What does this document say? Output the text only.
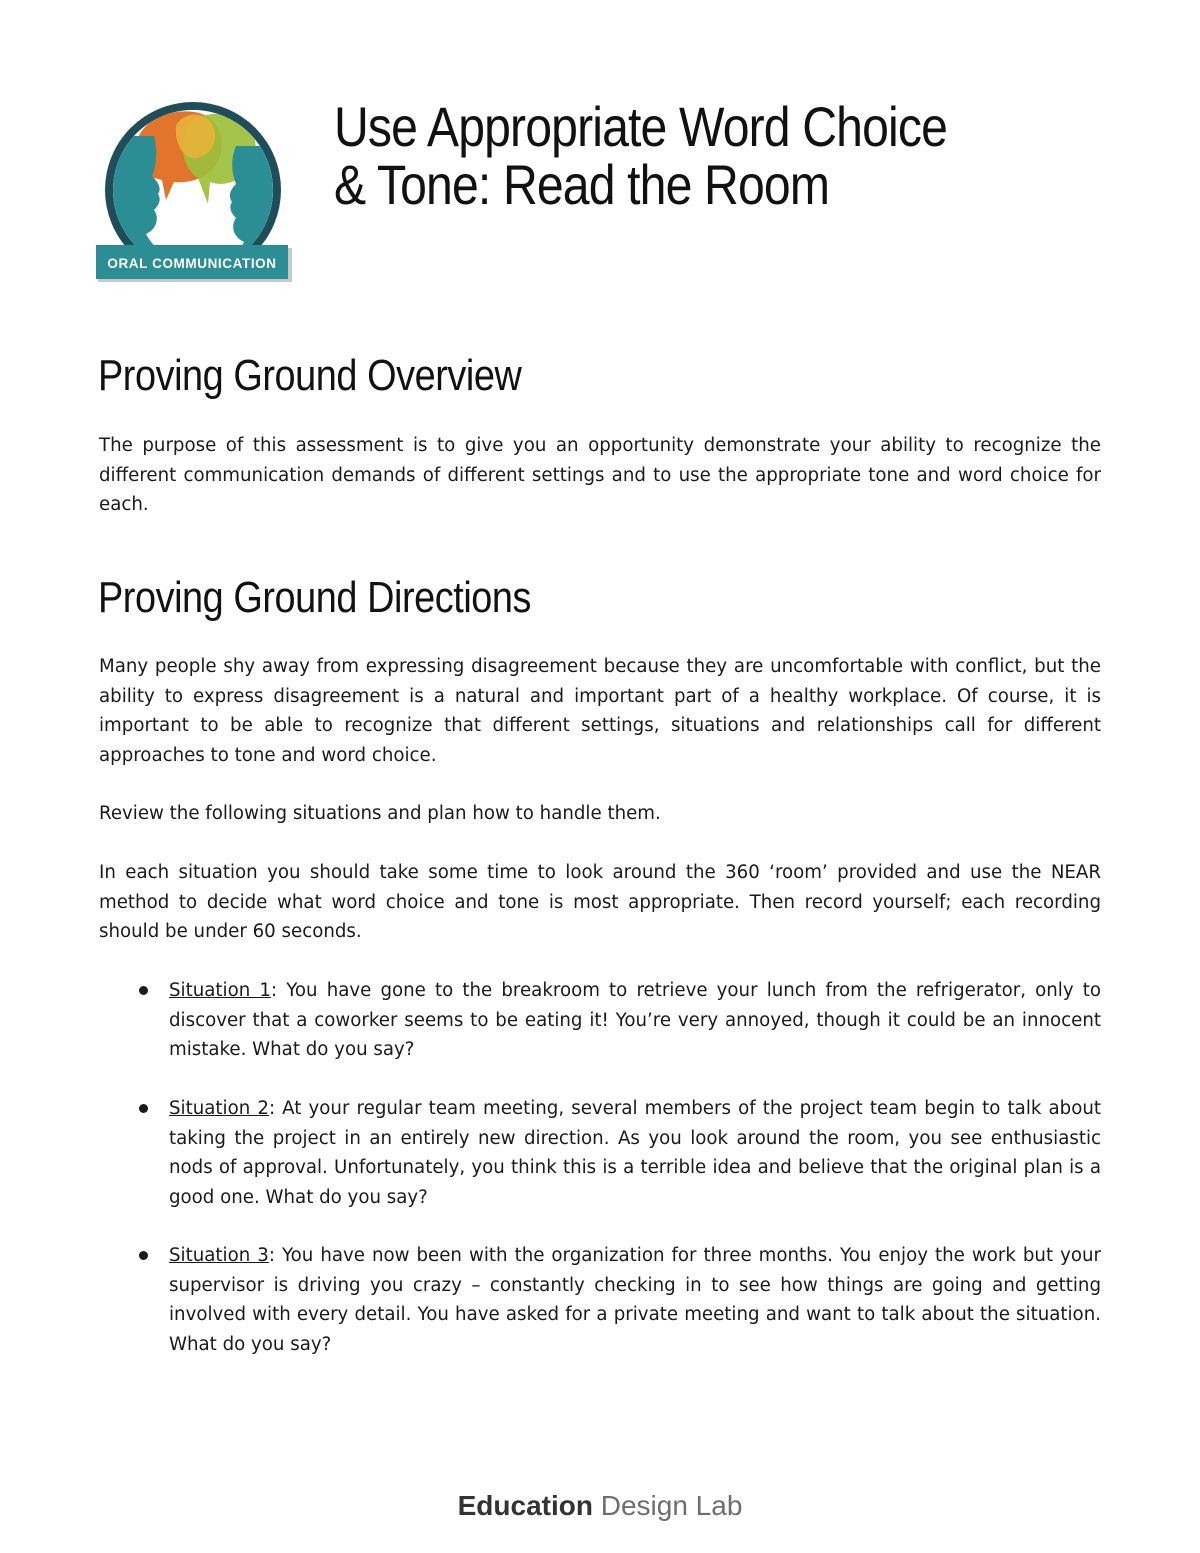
ORAL COMMUNICATION
Use Appropriate Word Choice
& Tone: Read the Room
Proving Ground Overview

The purpose of this assessment is to give you an opportunity demonstrate your ability to recognize the different communication demands of different settings and to use the appropriate tone and word choice for each.

Proving Ground Directions

Many people shy away from expressing disagreement because they are uncomfortable with conflict, but the ability to express disagreement is a natural and important part of a healthy workplace. Of course, it is important to be able to recognize that different settings, situations and relationships call for different approaches to tone and word choice.

Review the following situations and plan how to handle them.

In each situation you should take some time to look around the 360 ‘room’ provided and use the NEAR method to decide what word choice and tone is most appropriate. Then record yourself; each recording should be under 60 seconds.

Situation 1: You have gone to the breakroom to retrieve your lunch from the refrigerator, only to discover that a coworker seems to be eating it! You’re very annoyed, though it could be an innocent mistake. What do you say?

Situation 2: At your regular team meeting, several members of the project team begin to talk about taking the project in an entirely new direction. As you look around the room, you see enthusiastic nods of approval. Unfortunately, you think this is a terrible idea and believe that the original plan is a good one. What do you say?

Situation 3: You have now been with the organization for three months. You enjoy the work but your supervisor is driving you crazy – constantly checking in to see how things are going and getting involved with every detail. You have asked for a private meeting and want to talk about the situation. What do you say?

Education Design Lab
